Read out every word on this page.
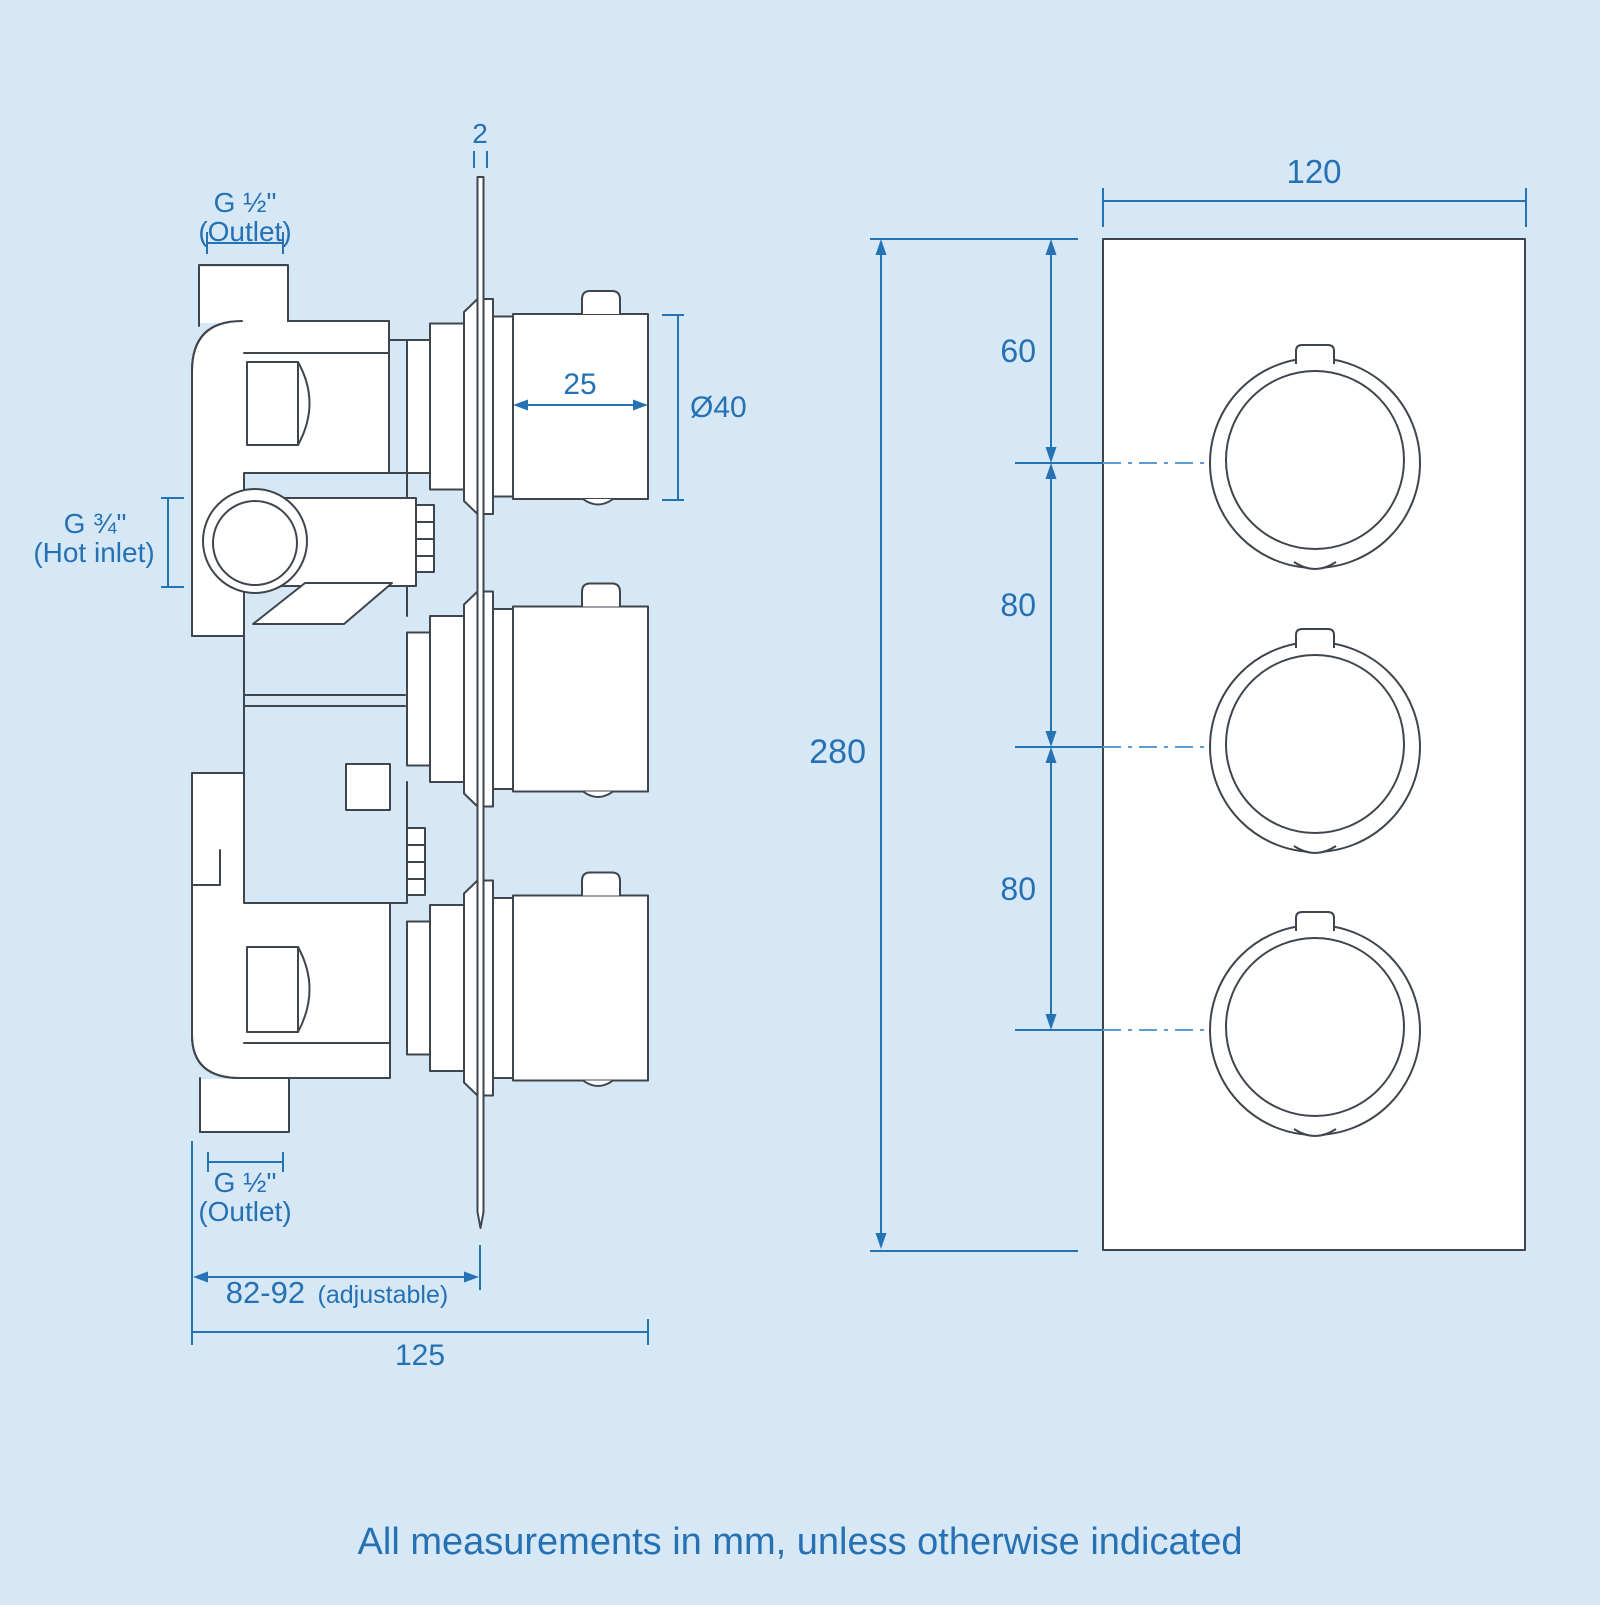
2
G ½"
(Outlet)
G ¾"
(Hot inlet)
25
Ø40
G ½"
(Outlet)
82-92 (adjustable)
125
120
280
60
80
80
All measurements in mm, unless otherwise indicated
